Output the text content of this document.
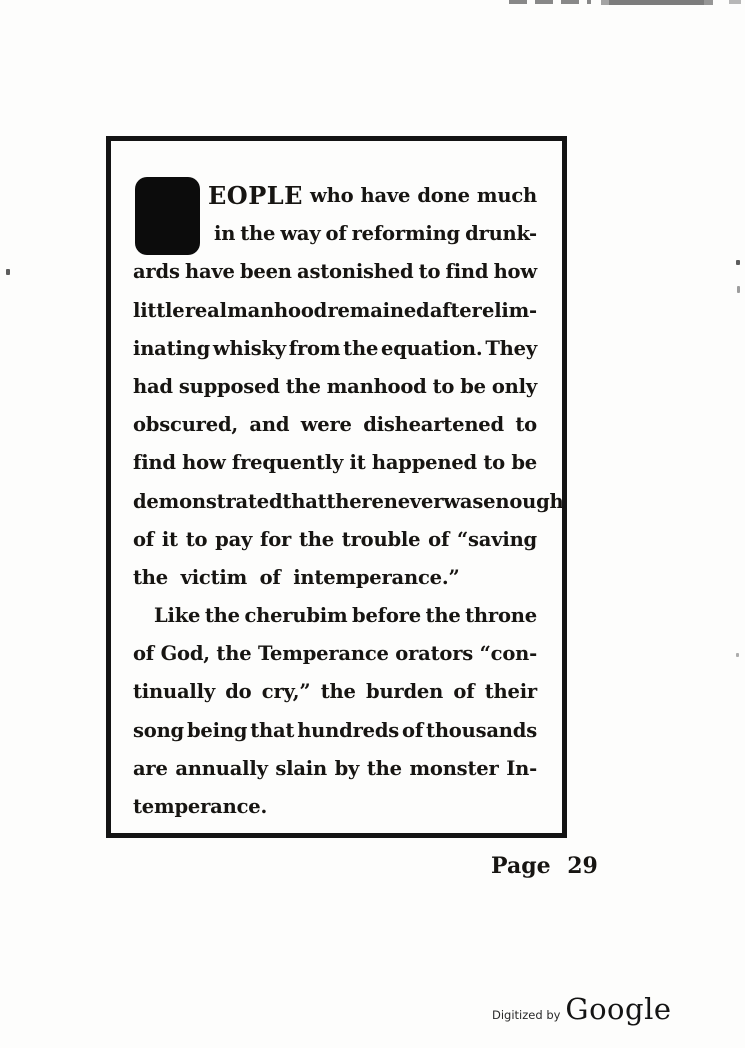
EOPLE who have done much
in the way of reforming drunk-
ards have been astonished to find how
little real manhood remained after elim-
inating whisky from the equation. They
had supposed the manhood to be only
obscured, and were disheartened to
find how frequently it happened to be
demonstrated that there never was enough
of it to pay for the trouble of “saving
the victim of intemperance.”
Like the cherubim before the throne
of God, the Temperance orators “con-
tinually do cry,” the burden of their
song being that hundreds of thousands
are annually slain by the monster In-
temperance.
Page 29
Digitized by Google
